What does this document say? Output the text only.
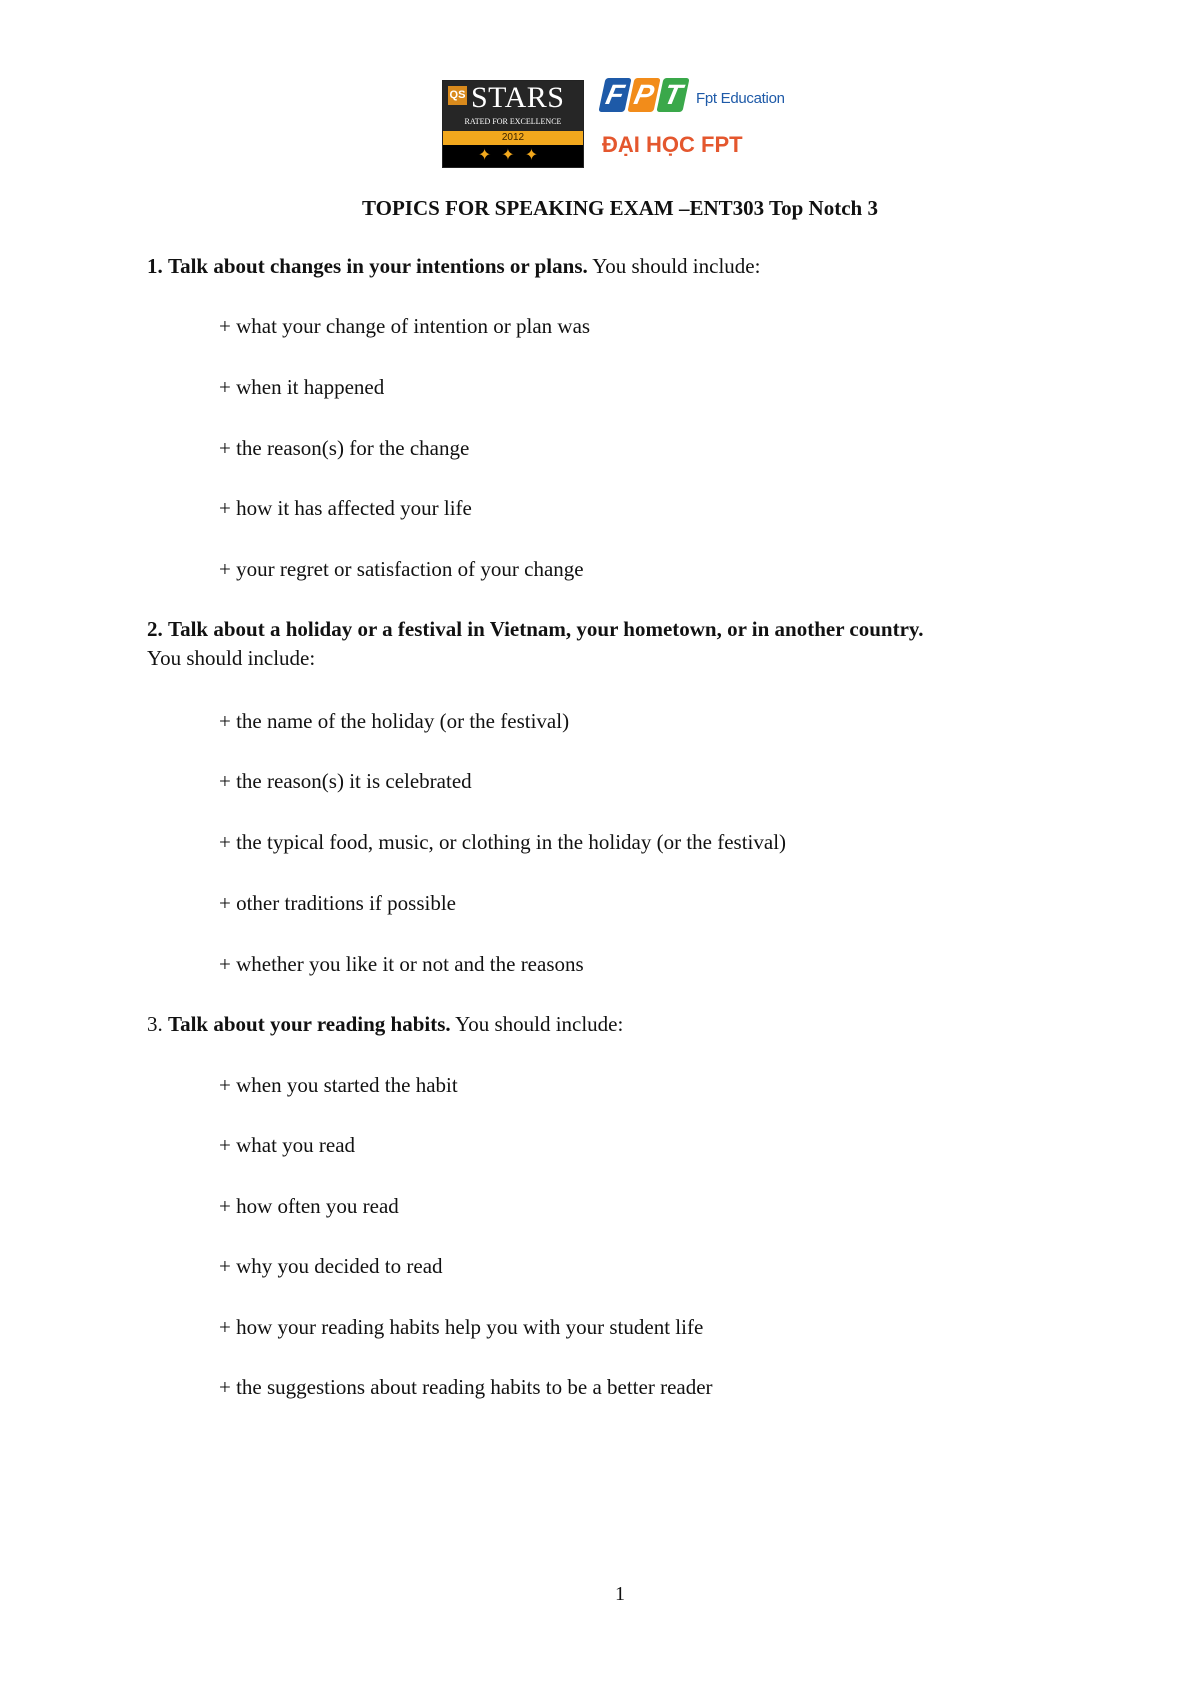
QS STARS
RATED FOR EXCELLENCE
2012
✦✦✦
F P T Fpt Education
ĐẠI HỌC FPT
TOPICS FOR SPEAKING EXAM –ENT303 Top Notch 3
1. Talk about changes in your intentions or plans. You should include:
+ what your change of intention or plan was
+ when it happened
+ the reason(s) for the change
+ how it has affected your life
+ your regret or satisfaction of your change
2. Talk about a holiday or a festival in Vietnam, your hometown, or in another country.
You should include:
+ the name of the holiday (or the festival)
+ the reason(s) it is celebrated
+ the typical food, music, or clothing in the holiday (or the festival)
+ other traditions if possible
+ whether you like it or not and the reasons
3. Talk about your reading habits. You should include:
+ when you started the habit
+ what you read
+ how often you read
+ why you decided to read
+ how your reading habits help you with your student life
+ the suggestions about reading habits to be a better reader
1
